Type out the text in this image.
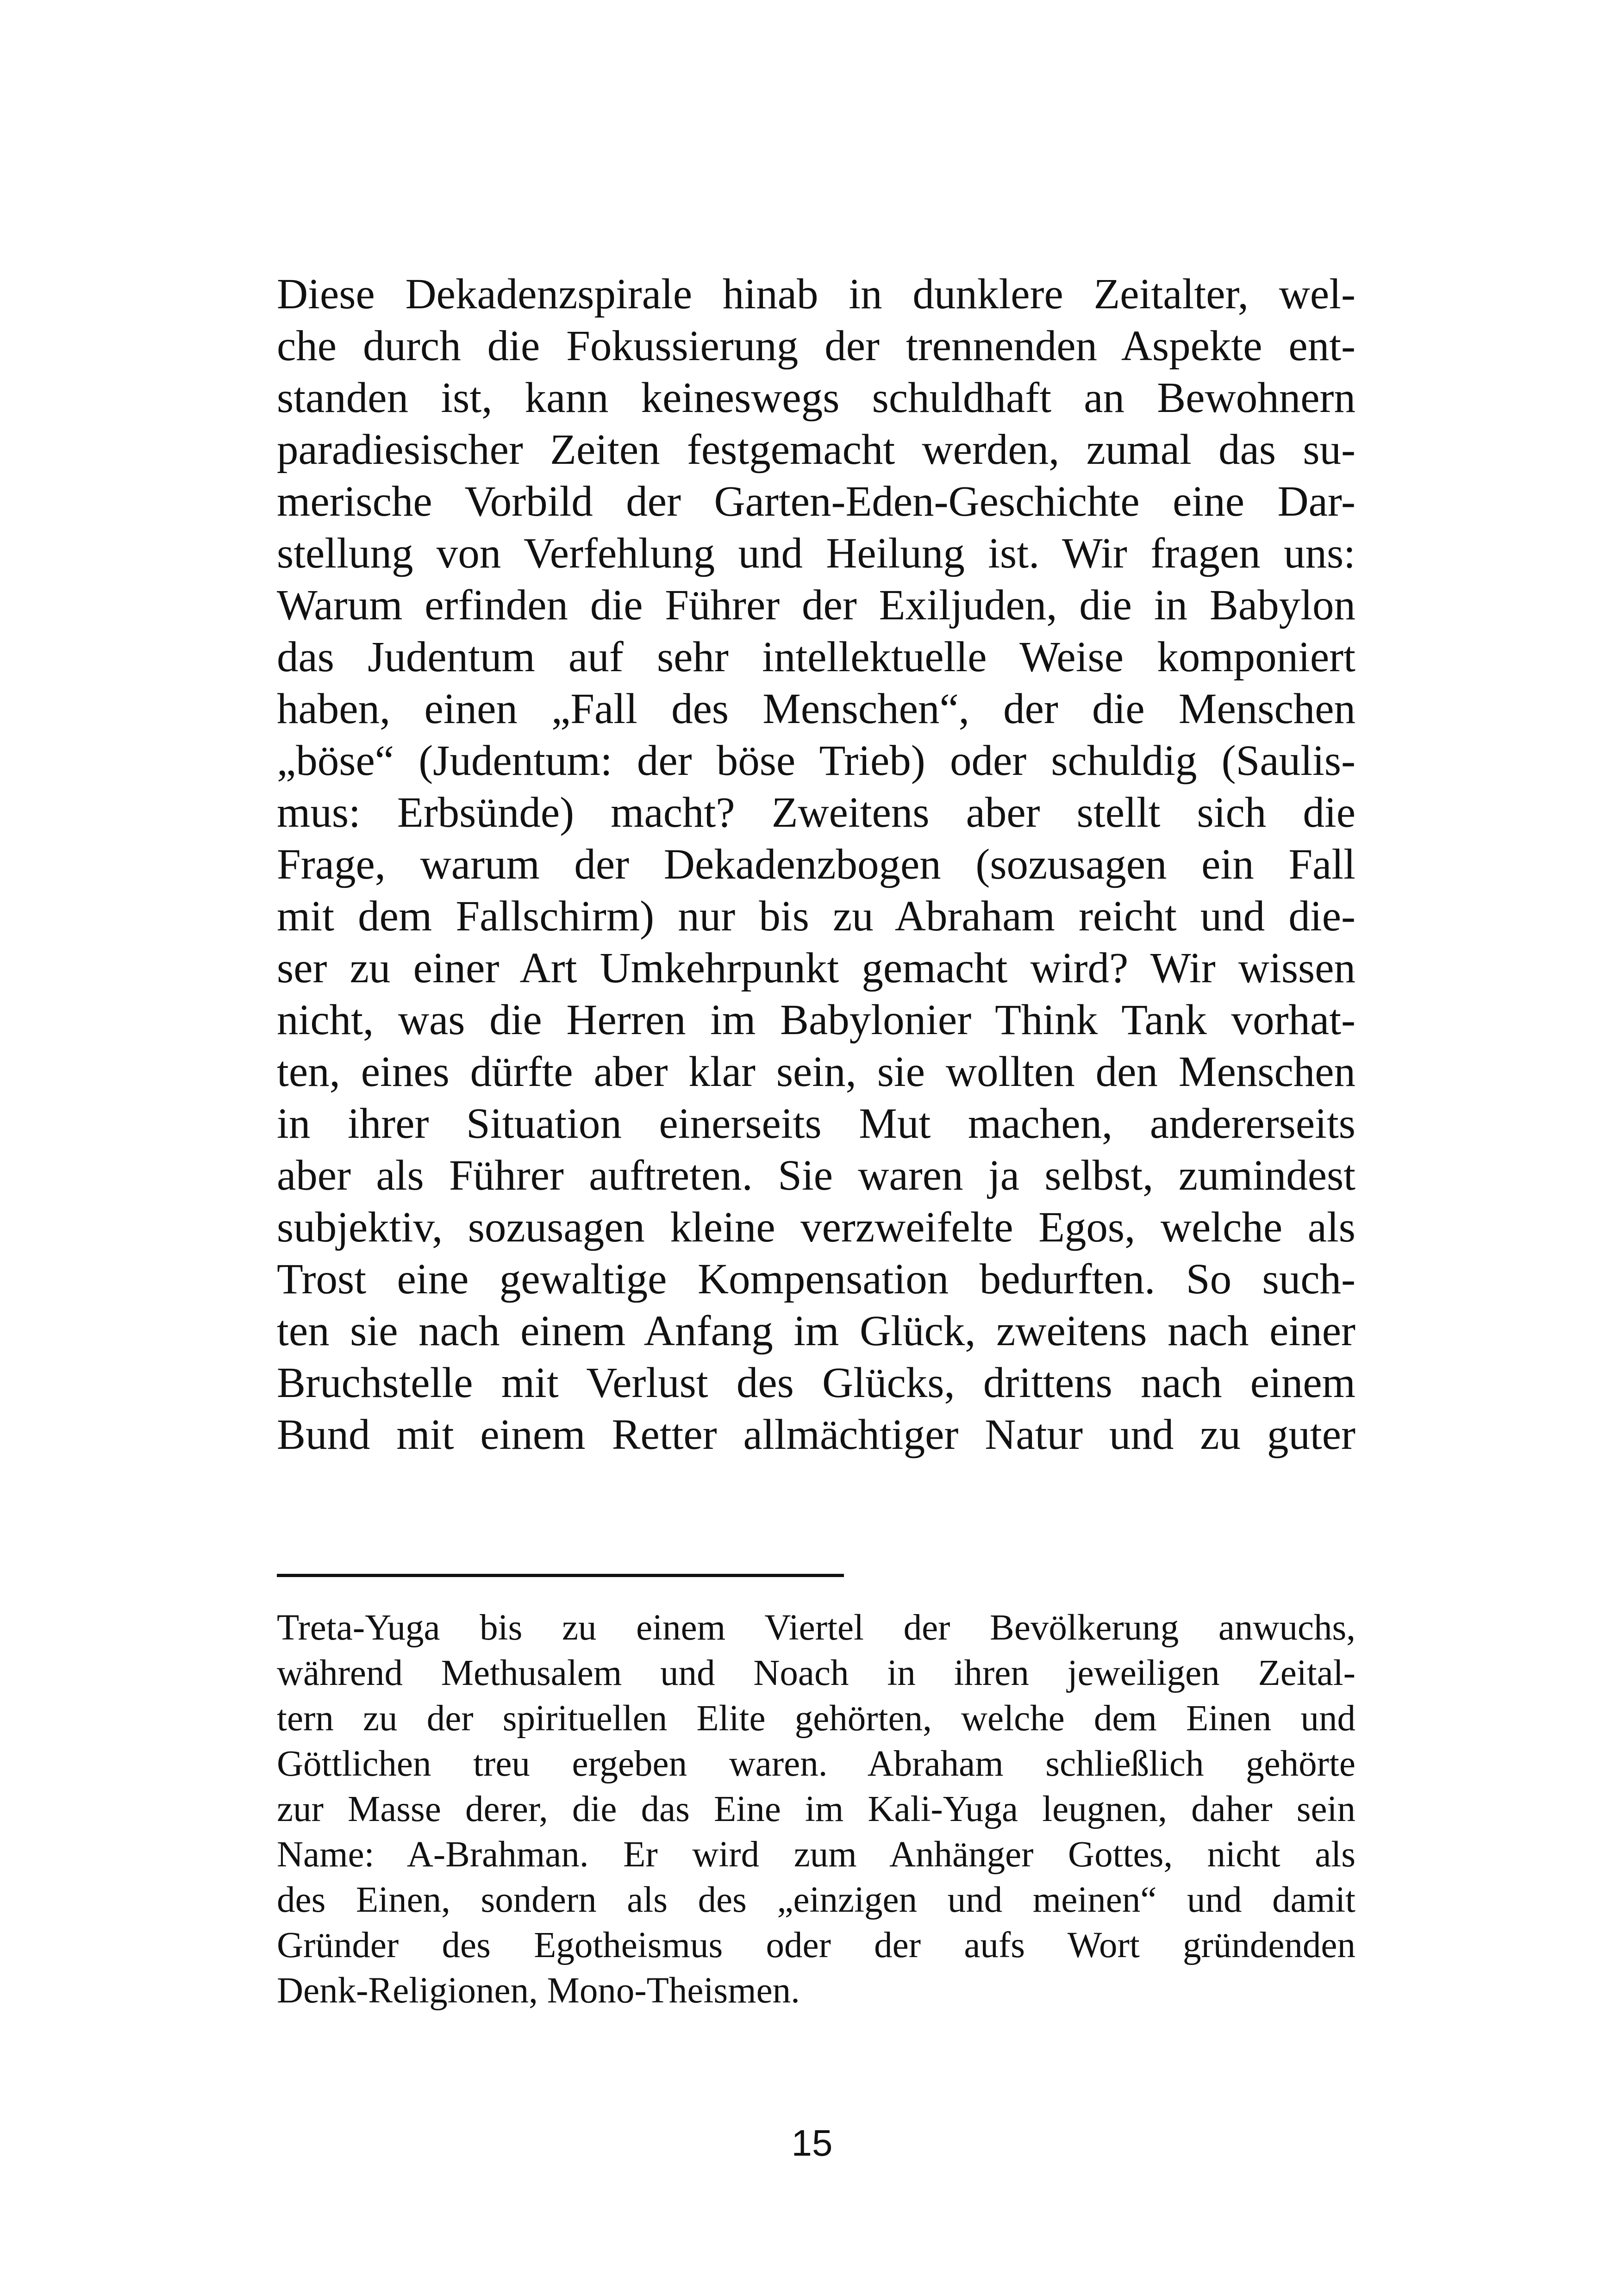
Diese Dekadenzspirale hinab in dunklere Zeitalter, wel-
che durch die Fokussierung der trennenden Aspekte ent-
standen ist, kann keineswegs schuldhaft an Bewohnern
paradiesischer Zeiten festgemacht werden, zumal das su-
merische Vorbild der Garten-Eden-Geschichte eine Dar-
stellung von Verfehlung und Heilung ist. Wir fragen uns:
Warum erfinden die Führer der Exiljuden, die in Babylon
das Judentum auf sehr intellektuelle Weise komponiert
haben, einen „Fall des Menschen“, der die Menschen
„böse“ (Judentum: der böse Trieb) oder schuldig (Saulis-
mus: Erbsünde) macht? Zweitens aber stellt sich die
Frage, warum der Dekadenzbogen (sozusagen ein Fall
mit dem Fallschirm) nur bis zu Abraham reicht und die-
ser zu einer Art Umkehrpunkt gemacht wird? Wir wissen
nicht, was die Herren im Babylonier Think Tank vorhat-
ten, eines dürfte aber klar sein, sie wollten den Menschen
in ihrer Situation einerseits Mut machen, andererseits
aber als Führer auftreten. Sie waren ja selbst, zumindest
subjektiv, sozusagen kleine verzweifelte Egos, welche als
Trost eine gewaltige Kompensation bedurften. So such-
ten sie nach einem Anfang im Glück, zweitens nach einer
Bruchstelle mit Verlust des Glücks, drittens nach einem
Bund mit einem Retter allmächtiger Natur und zu guter
Treta-Yuga bis zu einem Viertel der Bevölkerung anwuchs,
während Methusalem und Noach in ihren jeweiligen Zeital-
tern zu der spirituellen Elite gehörten, welche dem Einen und
Göttlichen treu ergeben waren. Abraham schließlich gehörte
zur Masse derer, die das Eine im Kali-Yuga leugnen, daher sein
Name: A-Brahman. Er wird zum Anhänger Gottes, nicht als
des Einen, sondern als des „einzigen und meinen“ und damit
Gründer des Egotheismus oder der aufs Wort gründenden
Denk-Religionen, Mono-Theismen.
15
